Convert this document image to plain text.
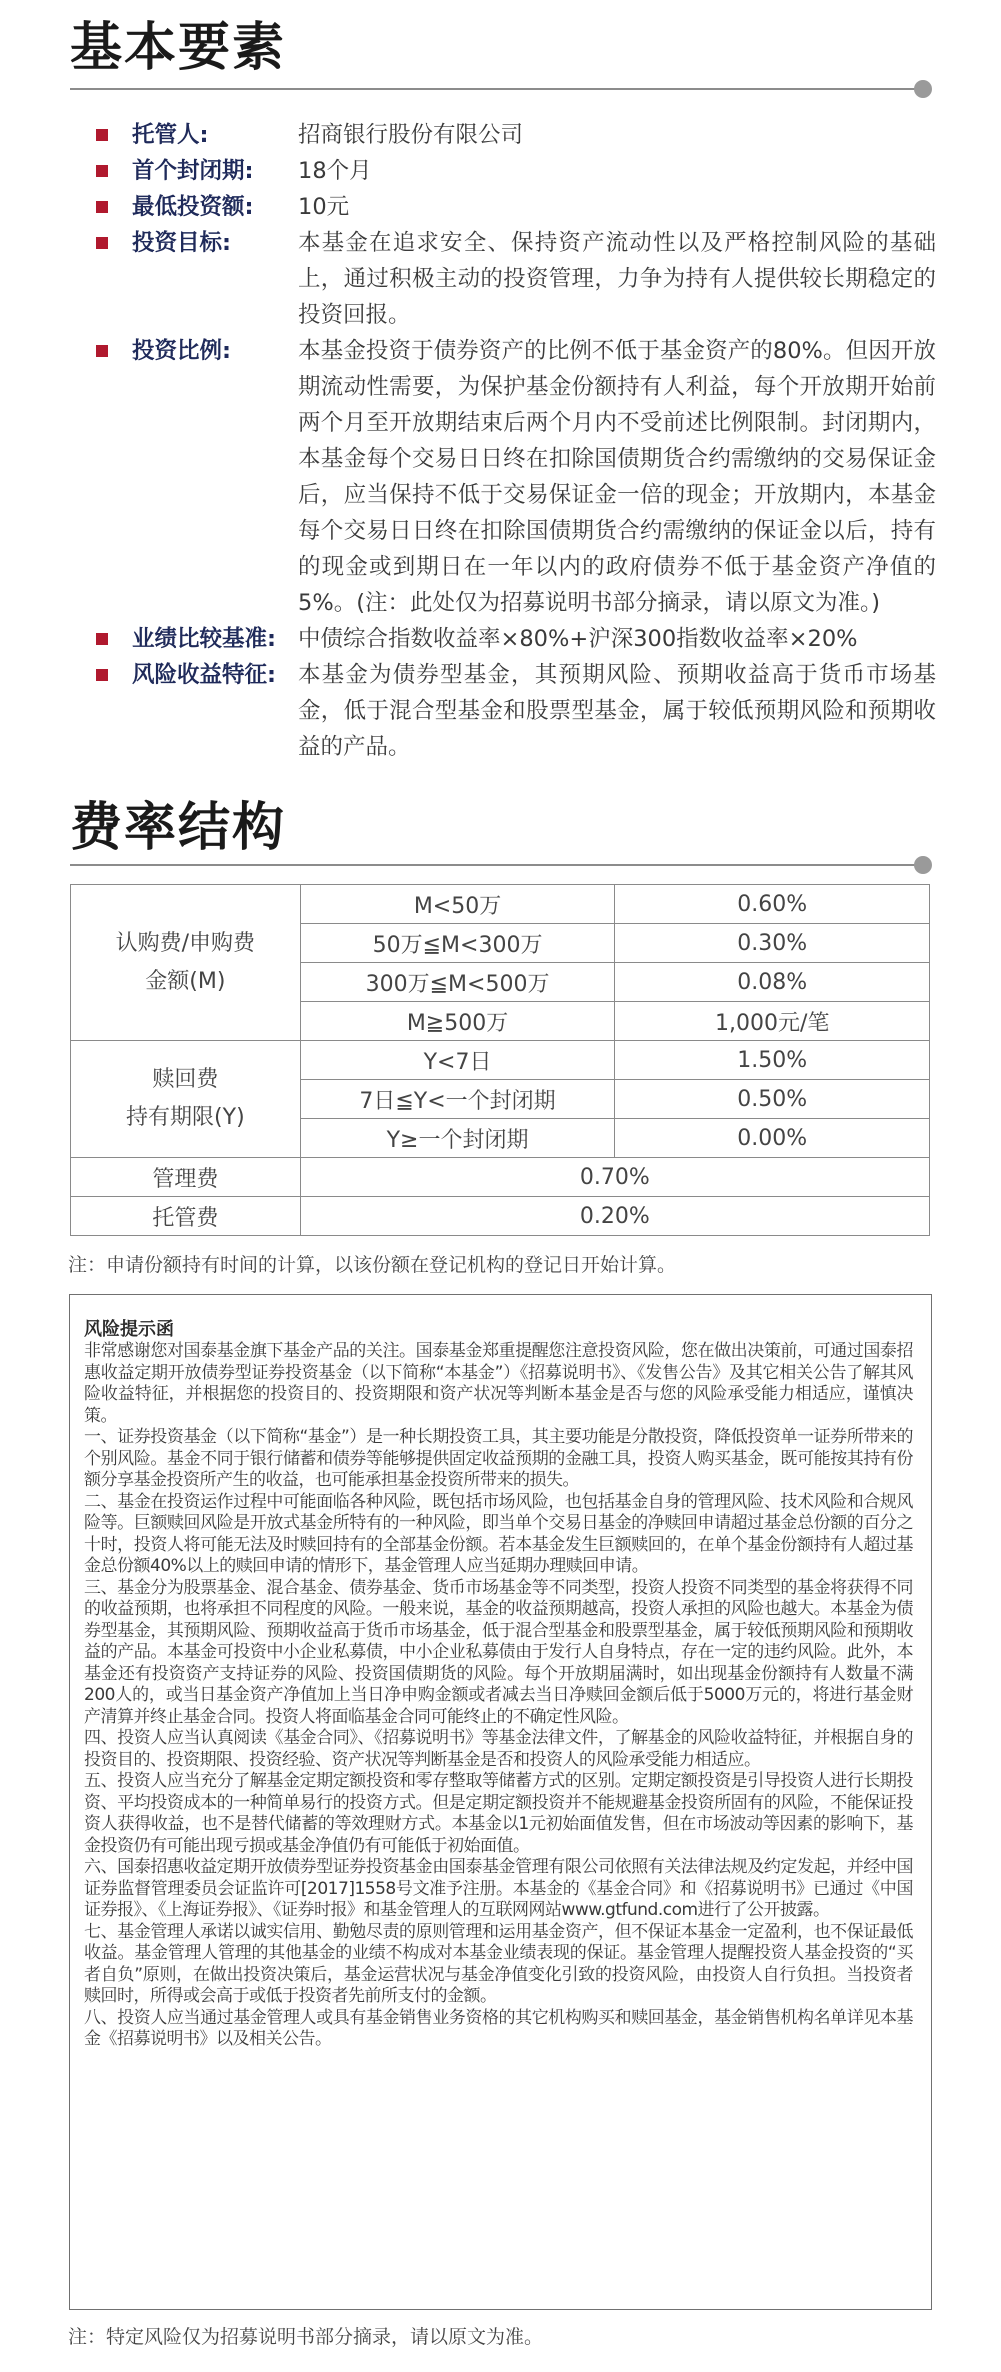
基本要素
托管人:	招商银行股份有限公司
首个封闭期:	18个月
最低投资额:	10元
投资目标:	本基金在追求安全、保持资产流动性以及严格控制风险的基础上，通过积极主动的投资管理，力争为持有人提供较长期稳定的投资回报。
投资比例:	本基金投资于债券资产的比例不低于基金资产的80%。但因开放期流动性需要，为保护基金份额持有人利益，每个开放期开始前两个月至开放期结束后两个月内不受前述比例限制。封闭期内，本基金每个交易日日终在扣除国债期货合约需缴纳的交易保证金后，应当保持不低于交易保证金一倍的现金；开放期内，本基金每个交易日日终在扣除国债期货合约需缴纳的保证金以后，持有的现金或到期日在一年以内的政府债券不低于基金资产净值的5%。(注：此处仅为招募说明书部分摘录，请以原文为准。)
业绩比较基准: 中债综合指数收益率×80%+沪深300指数收益率×20%
风险收益特征: 本基金为债券型基金，其预期风险、预期收益高于货币市场基金，低于混合型基金和股票型基金，属于较低预期风险和预期收益的产品。
费率结构
认购费/申购费
金额(M)	M<50万	0.60%
	50万≦M<300万	0.30%
	300万≦M<500万	0.08%
	M≧500万	1,000元/笔

赎回费
持有期限(Y)	Y<7日	1.50%
	7日≦Y<一个封闭期	0.50%
	Y≥一个封闭期	0.00%
管理费	0.70%	
托管费	0.20%	
注：申请份额持有时间的计算，以该份额在登记机构的登记日开始计算。
风险提示函

非常感谢您对国泰基金旗下基金产品的关注。国泰基金郑重提醒您注意投资风险，您在做出决策前，可通过国泰招惠收益定期开放债券型证券投资基金（以下简称“本基金”）《招募说明书》、《发售公告》及其它相关公告了解其风险收益特征，并根据您的投资目的、投资期限和资产状况等判断本基金是否与您的风险承受能力相适应，谨慎决策。

一、证券投资基金（以下简称“基金”）是一种长期投资工具，其主要功能是分散投资，降低投资单一证券所带来的个别风险。基金不同于银行储蓄和债券等能够提供固定收益预期的金融工具，投资人购买基金，既可能按其持有份额分享基金投资所产生的收益，也可能承担基金投资所带来的损失。

二、基金在投资运作过程中可能面临各种风险，既包括市场风险，也包括基金自身的管理风险、技术风险和合规风险等。巨额赎回风险是开放式基金所特有的一种风险，即当单个交易日基金的净赎回申请超过基金总份额的百分之十时，投资人将可能无法及时赎回持有的全部基金份额。若本基金发生巨额赎回的，在单个基金份额持有人超过基金总份额40%以上的赎回申请的情形下，基金管理人应当延期办理赎回申请。

三、基金分为股票基金、混合基金、债券基金、货币市场基金等不同类型，投资人投资不同类型的基金将获得不同的收益预期，也将承担不同程度的风险。一般来说，基金的收益预期越高，投资人承担的风险也越大。本基金为债券型基金，其预期风险、预期收益高于货币市场基金，低于混合型基金和股票型基金，属于较低预期风险和预期收益的产品。本基金可投资中小企业私募债，中小企业私募债由于发行人自身特点，存在一定的违约风险。此外，本基金还有投资资产支持证券的风险、投资国债期货的风险。每个开放期届满时，如出现基金份额持有人数量不满200人的，或当日基金资产净值加上当日净申购金额或者减去当日净赎回金额后低于5000万元的，将进行基金财产清算并终止基金合同。投资人将面临基金合同可能终止的不确定性风险。

四、投资人应当认真阅读《基金合同》、《招募说明书》等基金法律文件，了解基金的风险收益特征，并根据自身的投资目的、投资期限、投资经验、资产状况等判断基金是否和投资人的风险承受能力相适应。

五、投资人应当充分了解基金定期定额投资和零存整取等储蓄方式的区别。定期定额投资是引导投资人进行长期投资、平均投资成本的一种简单易行的投资方式。但是定期定额投资并不能规避基金投资所固有的风险，不能保证投资人获得收益，也不是替代储蓄的等效理财方式。本基金以1元初始面值发售，但在市场波动等因素的影响下，基金投资仍有可能出现亏损或基金净值仍有可能低于初始面值。

六、国泰招惠收益定期开放债券型证券投资基金由国泰基金管理有限公司依照有关法律法规及约定发起，并经中国证券监督管理委员会证监许可[2017]1558号文准予注册。本基金的《基金合同》和《招募说明书》已通过《中国证券报》、《上海证券报》、《证券时报》和基金管理人的互联网网站www.gtfund.com进行了公开披露。

七、基金管理人承诺以诚实信用、勤勉尽责的原则管理和运用基金资产，但不保证本基金一定盈利，也不保证最低收益。基金管理人管理的其他基金的业绩不构成对本基金业绩表现的保证。基金管理人提醒投资人基金投资的“买者自负”原则，在做出投资决策后，基金运营状况与基金净值变化引致的投资风险，由投资人自行负担。当投资者赎回时，所得或会高于或低于投资者先前所支付的金额。

八、投资人应当通过基金管理人或具有基金销售业务资格的其它机构购买和赎回基金，基金销售机构名单详见本基金《招募说明书》以及相关公告。

注：特定风险仅为招募说明书部分摘录，请以原文为准。
